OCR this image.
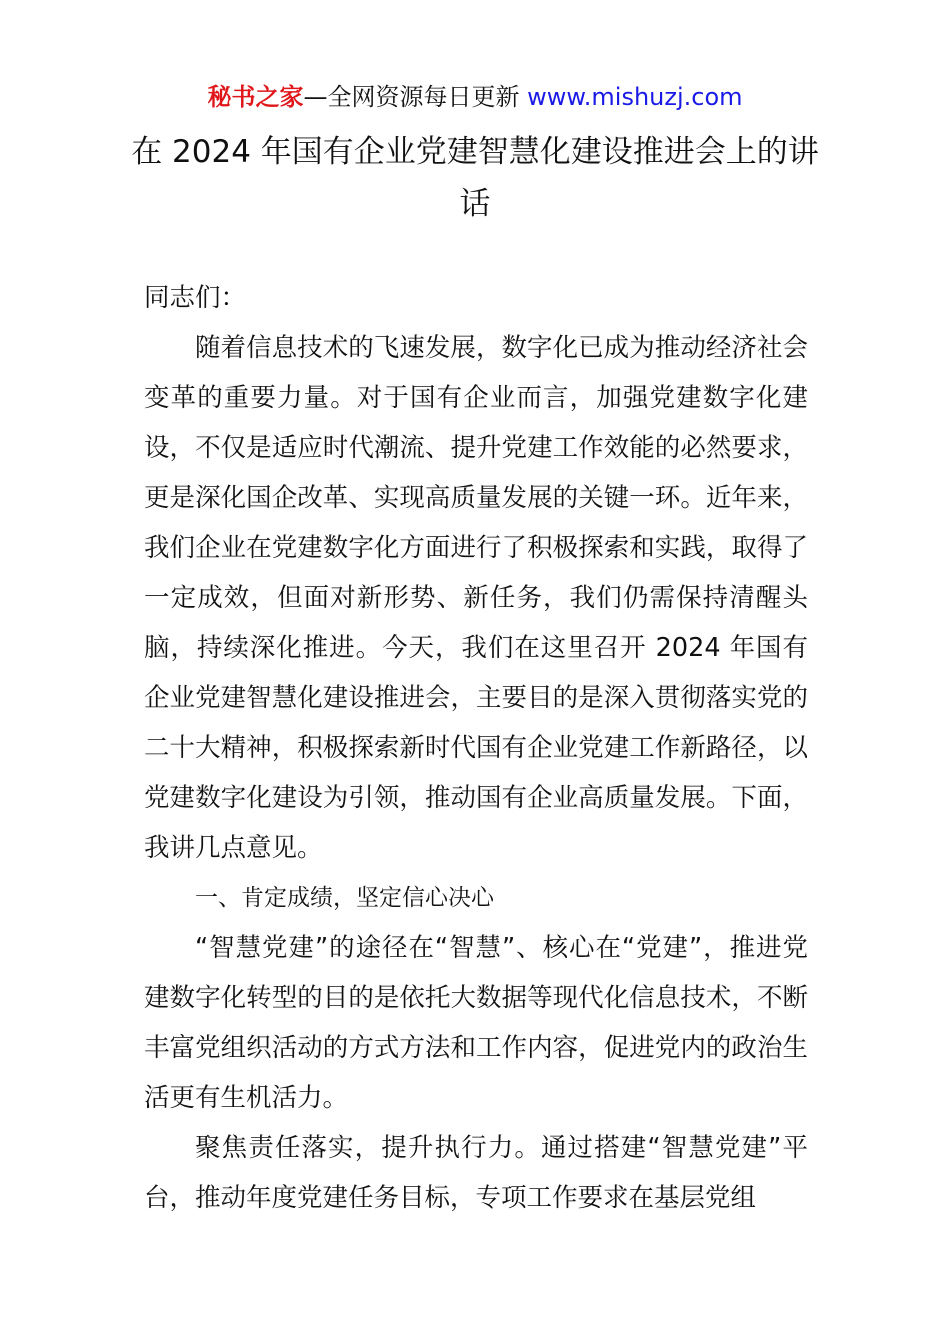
秘书之家—全网资源每日更新 www.mishuzj.com
在 2024 年国有企业党建智慧化建设推进会上的讲话

同志们：

随着信息技术的飞速发展，数字化已成为推动经济社会变革的重要力量。对于国有企业而言，加强党建数字化建设，不仅是适应时代潮流、提升党建工作效能的必然要求，更是深化国企改革、实现高质量发展的关键一环。近年来，我们企业在党建数字化方面进行了积极探索和实践，取得了一定成效，但面对新形势、新任务，我们仍需保持清醒头脑，持续深化推进。今天，我们在这里召开 2024 年国有企业党建智慧化建设推进会，主要目的是深入贯彻落实党的二十大精神，积极探索新时代国有企业党建工作新路径，以党建数字化建设为引领，推动国有企业高质量发展。下面，我讲几点意见。

一、肯定成绩，坚定信心决心

“智慧党建”的途径在“智慧”、核心在“党建”，推进党建数字化转型的目的是依托大数据等现代化信息技术，不断丰富党组织活动的方式方法和工作内容，促进党内的政治生活更有生机活力。

聚焦责任落实，提升执行力。通过搭建“智慧党建”平台，推动年度党建任务目标，专项工作要求在基层党组
